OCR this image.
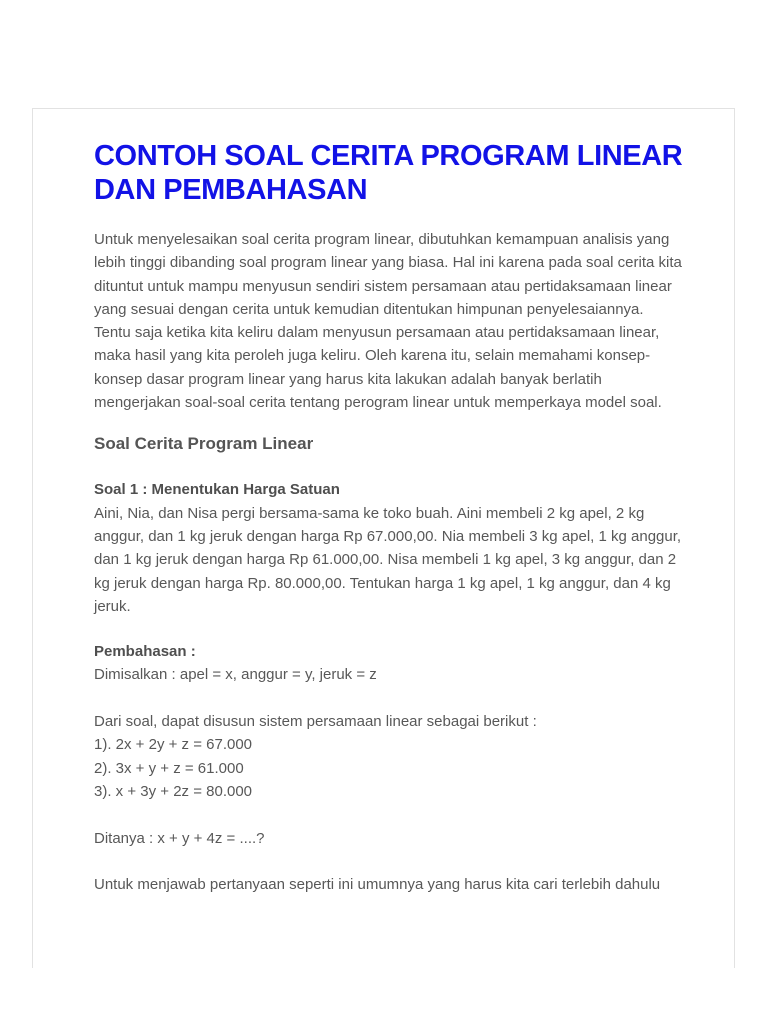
CONTOH SOAL CERITA PROGRAM LINEAR DAN PEMBAHASAN

Untuk menyelesaikan soal cerita program linear, dibutuhkan kemampuan analisis yang lebih tinggi dibanding soal program linear yang biasa. Hal ini karena pada soal cerita kita dituntut untuk mampu menyusun sendiri sistem persamaan atau pertidaksamaan linear yang sesuai dengan cerita untuk kemudian ditentukan himpunan penyelesaiannya. Tentu saja ketika kita keliru dalam menyusun persamaan atau pertidaksamaan linear, maka hasil yang kita peroleh juga keliru. Oleh karena itu, selain memahami konsep-konsep dasar program linear yang harus kita lakukan adalah banyak berlatih mengerjakan soal-soal cerita tentang perogram linear untuk memperkaya model soal.

Soal Cerita Program Linear
Soal 1 : Menentukan Harga Satuan
Aini, Nia, dan Nisa pergi bersama-sama ke toko buah. Aini membeli 2 kg apel, 2 kg anggur, dan 1 kg jeruk dengan harga Rp 67.000,00. Nia membeli 3 kg apel, 1 kg anggur, dan 1 kg jeruk dengan harga Rp 61.000,00. Nisa membeli 1 kg apel, 3 kg anggur, dan 2 kg jeruk dengan harga Rp. 80.000,00. Tentukan harga 1 kg apel, 1 kg anggur, dan 4 kg jeruk.
Pembahasan :
Dimisalkan : apel = x, anggur = y, jeruk = z
Dari soal, dapat disusun sistem persamaan linear sebagai berikut :
1). 2x + 2y + z = 67.000
2). 3x + y + z = 61.000
3). x + 3y + 2z = 80.000
Ditanya : x + y + 4z = ....?
Untuk menjawab pertanyaan seperti ini umumnya yang harus kita cari terlebih dahulu
